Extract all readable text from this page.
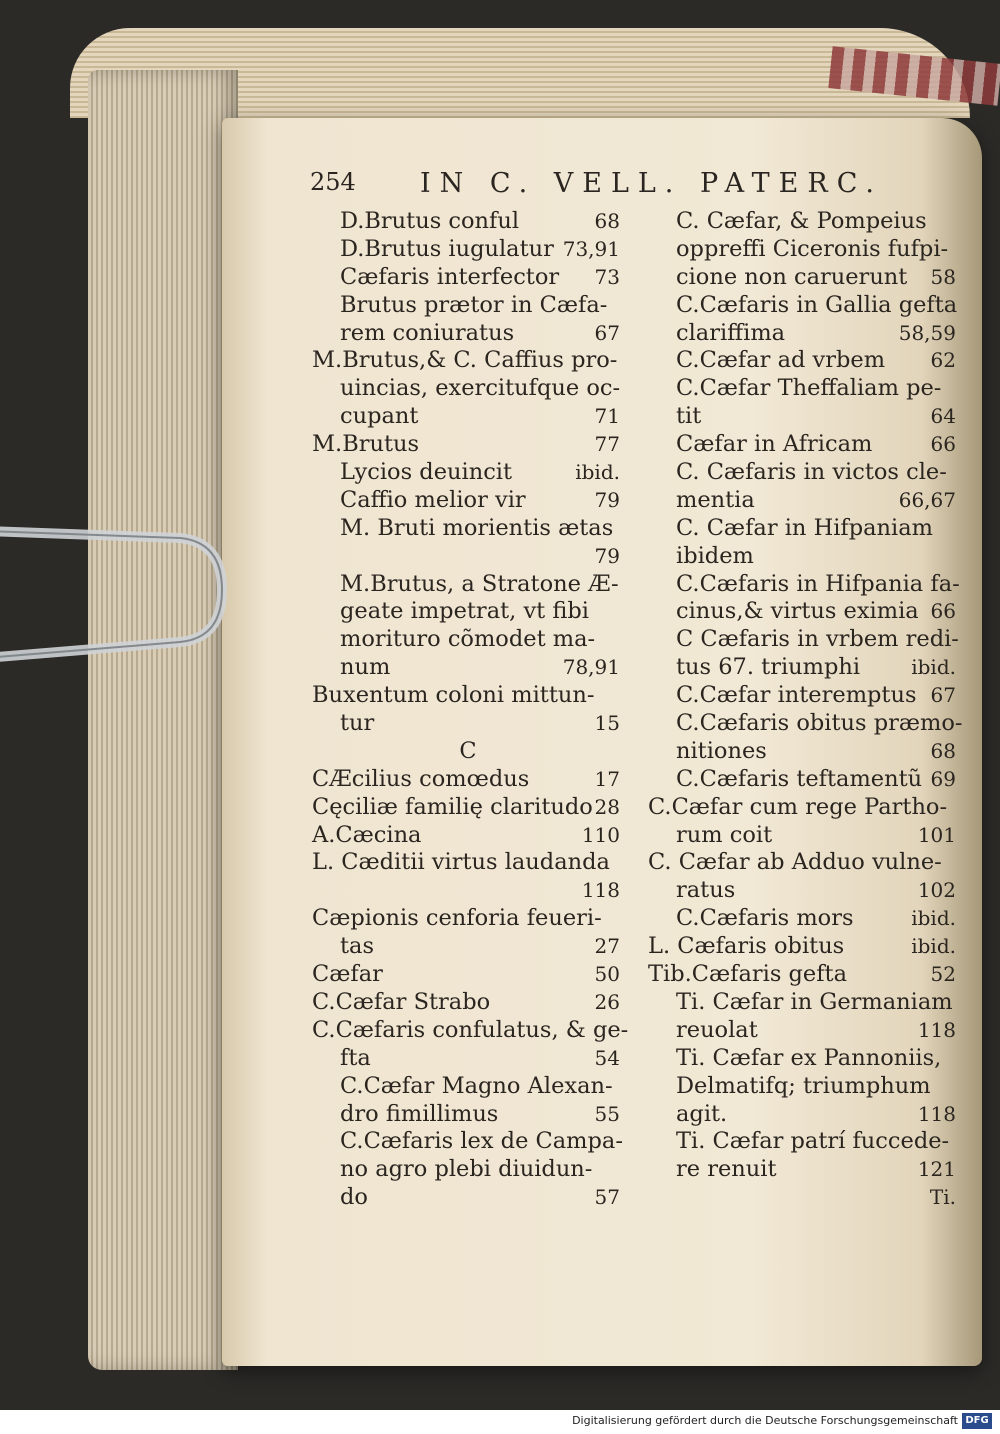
254 IN C. VELL. PATERC.
D.Brutus conful	68
D.Brutus iugulatur 73,91
Cæfaris interfector 73
Brutus prætor in Cæfa-
rem coniuratus	67
M.Brutus,& C. Caffius pro-
uincias, exercitufque oc-
cupant	71
M.Brutus	77
Lycios deuincit	ibid.
Caffio melior vir	79
M. Bruti morientis ætas
79
M.Brutus, a Stratone Æ-
geate impetrat, vt fibi
morituro cõmodet ma-
num	78,91
Buxentum coloni mittun-
tur	15
C
CÆcilius comœdus	17
Cęciliæ familię claritudo 28
A.Cæcina	110
L. Cæditii virtus laudanda
118
Cæpionis cenforia feueri-
tas	27
Cæfar	50
C.Cæfar Strabo	26
C.Cæfaris confulatus, & ge-
fta	54
C.Cæfar Magno Alexan-
dro fimillimus	55
C.Cæfaris lex de Campa-
no agro plebi diuidun-
do	57
C. Cæfar, & Pompeius
oppreffi Ciceronis fufpi-
cione non caruerunt 58
C.Cæfaris in Gallia gefta
clariffima	58,59
C.Cæfar ad vrbem 62
C.Cæfar Theffaliam pe-
tit	64
Cæfar in Africam	66
C. Cæfaris in victos cle-
mentia	66,67
C. Cæfar in Hifpaniam
ibidem
C.Cæfaris in Hifpania fa-
cinus,& virtus eximia 66
C Cæfaris in vrbem redi-
tus 67. triumphi	ibid.
C.Cæfar interemptus 67
C.Cæfaris obitus præmo-
nitiones	68
C.Cæfaris teftamentũ 69
C.Cæfar cum rege Partho-
rum coit	101
C. Cæfar ab Adduo vulne-
ratus	102
C.Cæfaris mors	ibid.
L. Cæfaris obitus	ibid.
Tib.Cæfaris gefta	52
Ti. Cæfar in Germaniam
reuolat	118
Ti. Cæfar ex Pannoniis,
Delmatifq; triumphum
agit.	118
Ti. Cæfar patrí fuccede-
re renuit	121
Ti.
Digitalisierung gefördert durch die Deutsche Forschungsgemeinschaft DFG
